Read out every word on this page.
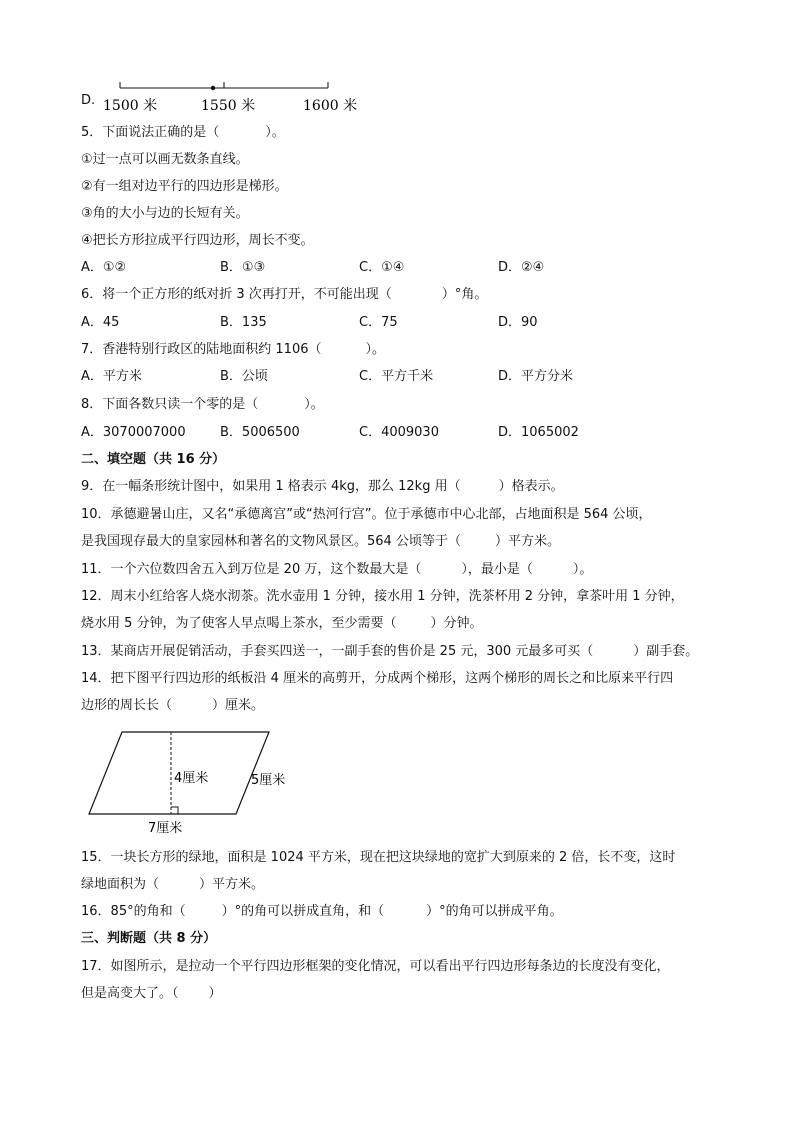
D. 1500 米	1550 米	1600 米
5．下面说法正确的是（	）。
①过一点可以画无数条直线。
②有一组对边平行的四边形是梯形。
③角的大小与边的长短有关。
④把长方形拉成平行四边形，周长不变。
A．①②	B．①③	C．①④	D．②④
6．将一个正方形的纸对折 3 次再打开，不可能出现（	）°角。
A．45	B．135	C．75	D．90
7．香港特别行政区的陆地面积约 1106（	）。
A．平方米	B．公顷	C．平方千米	D．平方分米
8．下面各数只读一个零的是（	）。
A．3070007000	B．5006500	C．4009030	D．1065002
二、填空题（共 16 分）
9．在一幅条形统计图中，如果用 1 格表示 4kg，那么 12kg 用（	）格表示。
10．承德避暑山庄，又名“承德离宫”或“热河行宫”。位于承德市中心北部，占地面积是 564 公顷，
是我国现存最大的皇家园林和著名的文物风景区。564 公顷等于（	）平方米。
11．一个六位数四舍五入到万位是 20 万，这个数最大是（	），最小是（	）。
12．周末小红给客人烧水沏茶。洗水壶用 1 分钟，接水用 1 分钟，洗茶杯用 2 分钟，拿茶叶用 1 分钟，
烧水用 5 分钟，为了使客人早点喝上茶水，至少需要（	）分钟。
13．某商店开展促销活动，手套买四送一，一副手套的售价是 25 元，300 元最多可买（	）副手套。
14．把下图平行四边形的纸板沿 4 厘米的高剪开，分成两个梯形，这两个梯形的周长之和比原来平行四
边形的周长长（	）厘米。
4厘米	5厘米
7厘米
15．一块长方形的绿地，面积是 1024 平方米，现在把这块绿地的宽扩大到原来的 2 倍，长不变，这时
绿地面积为（	）平方米。
16．85°的角和（	）°的角可以拼成直角，和（	）°的角可以拼成平角。
三、判断题（共 8 分）
17．如图所示，是拉动一个平行四边形框架的变化情况，可以看出平行四边形每条边的长度没有变化，
但是高变大了。（ ）
